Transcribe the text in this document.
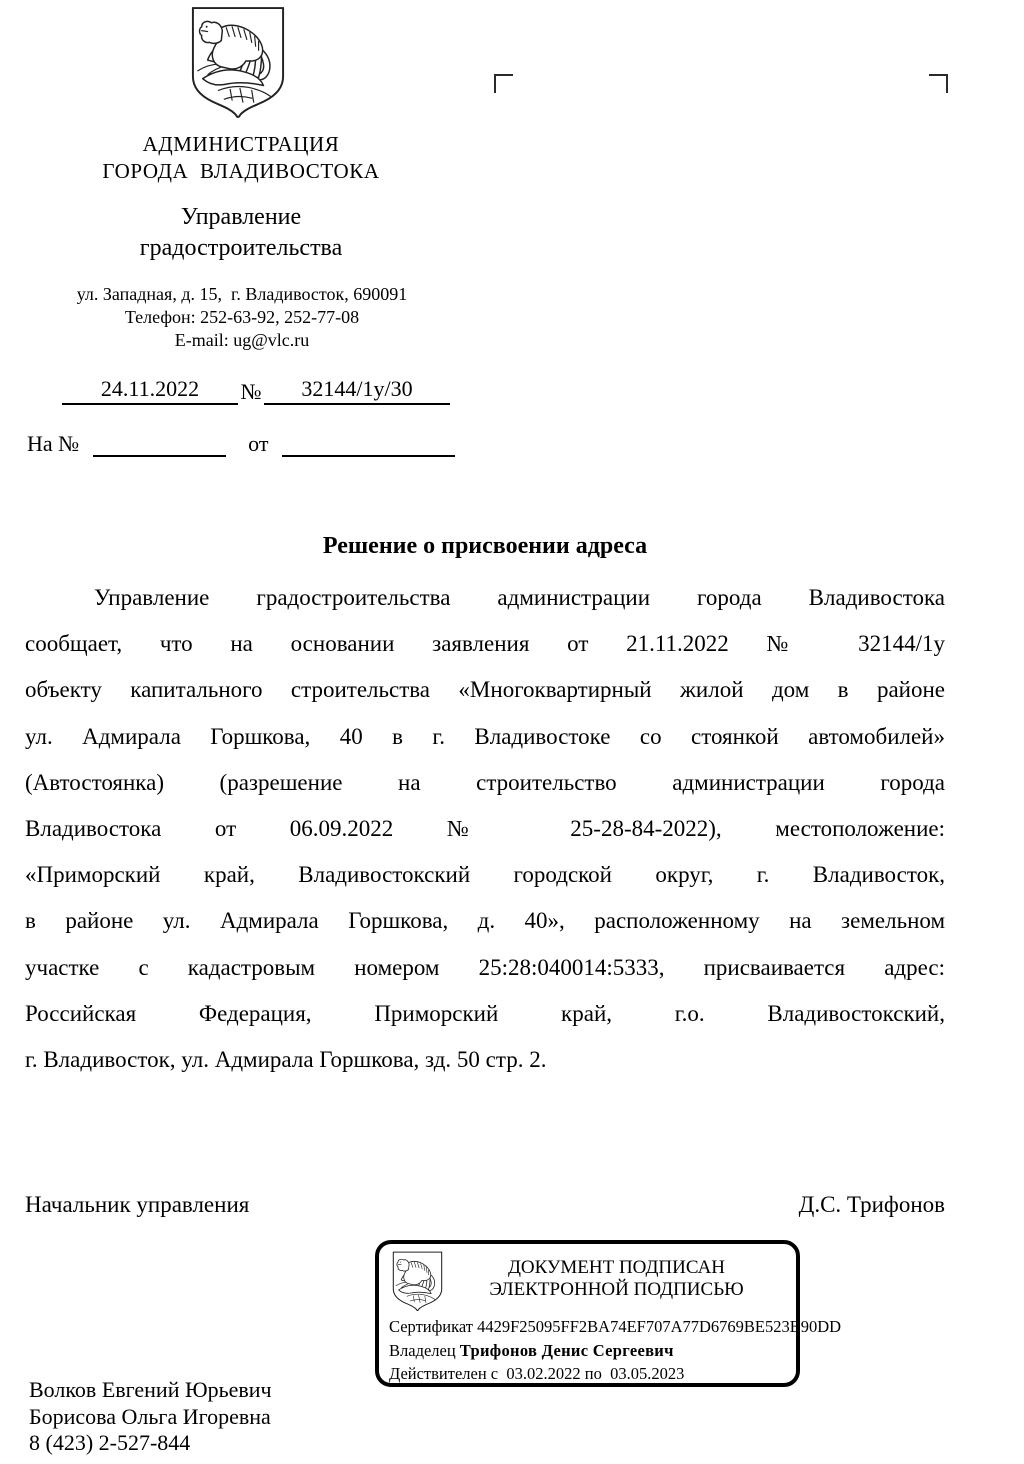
АДМИНИСТРАЦИЯ
ГОРОДА  ВЛАДИВОСТОКА
Управление
градостроительства
ул. Западная, д. 15,  г. Владивосток, 690091
Телефон: 252-63-92, 252-77-08
E-mail: ug@vlc.ru
24.11.2022 № 32144/1у/30
На №	от
Решение о присвоении адреса
Управление градостроительства администрации города Владивостока
сообщает, что на основании заявления от 21.11.2022 № 32144/1у
объекту капитального строительства «Многоквартирный жилой дом в районе
ул. Адмирала Горшкова, 40 в г. Владивостоке со стоянкой автомобилей»
(Автостоянка) (разрешение на строительство администрации города
Владивостока от 06.09.2022 № 25-28-84-2022), местоположение:
«Приморский край, Владивостокский городской округ, г. Владивосток,
в районе ул. Адмирала Горшкова, д. 40», расположенному на земельном
участке с кадастровым номером 25:28:040014:5333, присваивается адрес:
Российская Федерация, Приморский край, г.о. Владивостокский,
г. Владивосток, ул. Адмирала Горшкова, зд. 50 стр. 2.
Начальник управления	Д.С. Трифонов
ДОКУМЕНТ ПОДПИСАН
ЭЛЕКТРОННОЙ ПОДПИСЬЮ
Сертификат 4429F25095FF2BA74EF707A77D6769BE523B90DD
Владелец Трифонов Денис Сергеевич
Действителен с  03.02.2022 по  03.05.2023
Волков Евгений Юрьевич
Борисова Ольга Игоревна
8 (423) 2-527-844
